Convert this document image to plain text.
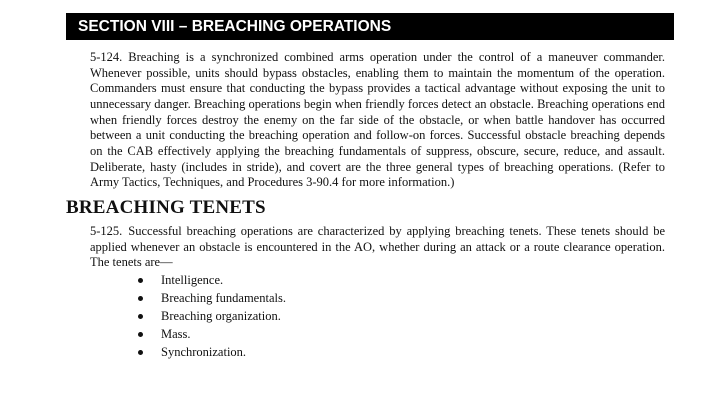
SECTION VIII – BREACHING OPERATIONS

5-124. Breaching is a synchronized combined arms operation under the control of a maneuver commander. Whenever possible, units should bypass obstacles, enabling them to maintain the momentum of the operation. Commanders must ensure that conducting the bypass provides a tactical advantage without exposing the unit to unnecessary danger. Breaching operations begin when friendly forces detect an obstacle. Breaching operations end when friendly forces destroy the enemy on the far side of the obstacle, or when battle handover has occurred between a unit conducting the breaching operation and follow-on forces. Successful obstacle breaching depends on the CAB effectively applying the breaching fundamentals of suppress, obscure, secure, reduce, and assault. Deliberate, hasty (includes in stride), and covert are the three general types of breaching operations. (Refer to Army Tactics, Techniques, and Procedures 3-90.4 for more information.)

BREACHING TENETS

5-125. Successful breaching operations are characterized by applying breaching tenets. These tenets should be applied whenever an obstacle is encountered in the AO, whether during an attack or a route clearance operation. The tenets are—

Intelligence.
Breaching fundamentals.
Breaching organization.
Mass.
Synchronization.
